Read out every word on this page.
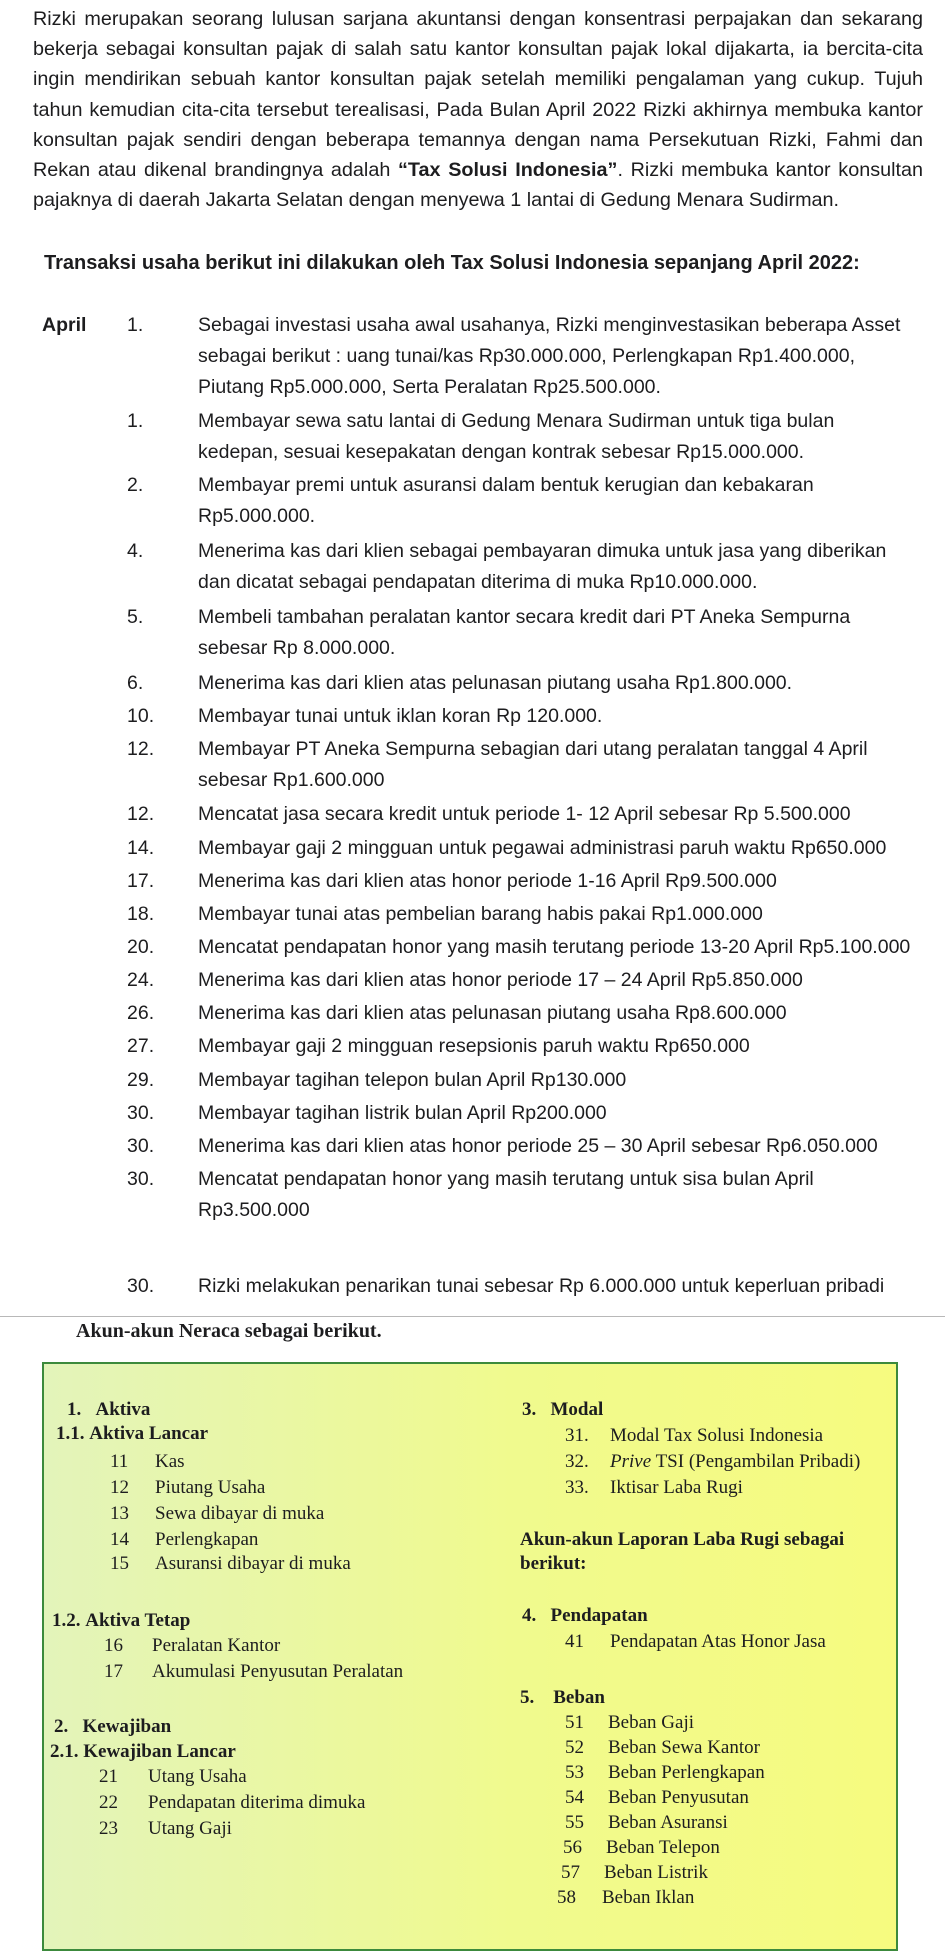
Rizki merupakan seorang lulusan sarjana akuntansi dengan konsentrasi perpajakan dan sekarang bekerja sebagai konsultan pajak di salah satu kantor konsultan pajak lokal dijakarta, ia bercita-cita ingin mendirikan sebuah kantor konsultan pajak setelah memiliki pengalaman yang cukup. Tujuh tahun kemudian cita-cita tersebut terealisasi, Pada Bulan April 2022 Rizki akhirnya membuka kantor konsultan pajak sendiri dengan beberapa temannya dengan nama Persekutuan Rizki, Fahmi dan Rekan atau dikenal brandingnya adalah “Tax Solusi Indonesia”. Rizki membuka kantor konsultan pajaknya di daerah Jakarta Selatan dengan menyewa 1 lantai di Gedung Menara Sudirman.

Transaksi usaha berikut ini dilakukan oleh Tax Solusi Indonesia sepanjang April 2022:
April 1.	Sebagai investasi usaha awal usahanya, Rizki menginvestasikan beberapa Asset sebagai berikut : uang tunai/kas Rp30.000.000, Perlengkapan Rp1.400.000, Piutang Rp5.000.000, Serta Peralatan Rp25.500.000.
1.	Membayar sewa satu lantai di Gedung Menara Sudirman untuk tiga bulan kedepan, sesuai kesepakatan dengan kontrak sebesar Rp15.000.000.
2.	Membayar premi untuk asuransi dalam bentuk kerugian dan kebakaran Rp5.000.000.
4.	Menerima kas dari klien sebagai pembayaran dimuka untuk jasa yang diberikan dan dicatat sebagai pendapatan diterima di muka Rp10.000.000.
5.	Membeli tambahan peralatan kantor secara kredit dari PT Aneka Sempurna sebesar Rp 8.000.000.
6.	Menerima kas dari klien atas pelunasan piutang usaha Rp1.800.000.
10.	Membayar tunai untuk iklan koran Rp 120.000.
12.	Membayar PT Aneka Sempurna sebagian dari utang peralatan tanggal 4 April sebesar Rp1.600.000
12.	Mencatat jasa secara kredit untuk periode 1- 12 April sebesar Rp 5.500.000
14.	Membayar gaji 2 mingguan untuk pegawai administrasi paruh waktu Rp650.000
17.	Menerima kas dari klien atas honor periode 1-16 April Rp9.500.000
18.	Membayar tunai atas pembelian barang habis pakai Rp1.000.000
20.	Mencatat pendapatan honor yang masih terutang periode 13-20 April Rp5.100.000
24.	Menerima kas dari klien atas honor periode 17 – 24 April Rp5.850.000
26.	Menerima kas dari klien atas pelunasan piutang usaha Rp8.600.000
27.	Membayar gaji 2 mingguan resepsionis paruh waktu Rp650.000
29.	Membayar tagihan telepon bulan April Rp130.000
30.	Membayar tagihan listrik bulan April Rp200.000
30.	Menerima kas dari klien atas honor periode 25 – 30 April sebesar Rp6.050.000
30.	Mencatat pendapatan honor yang masih terutang untuk sisa bulan April Rp3.500.000
30.	Rizki melakukan penarikan tunai sebesar Rp 6.000.000 untuk keperluan pribadi
Akun-akun Neraca sebagai berikut.
1. Aktiva
1.1. Aktiva Lancar
11 Kas
12 Piutang Usaha
13 Sewa dibayar di muka
14 Perlengkapan
15 Asuransi dibayar di muka
1.2. Aktiva Tetap
16 Peralatan Kantor
17 Akumulasi Penyusutan Peralatan
2. Kewajiban
2.1. Kewajiban Lancar
21 Utang Usaha
22 Pendapatan diterima dimuka
23 Utang Gaji
3. Modal
31. Modal Tax Solusi Indonesia
32. Prive TSI (Pengambilan Pribadi)
33. Iktisar Laba Rugi
Akun-akun Laporan Laba Rugi sebagai
berikut:
4. Pendapatan
41 Pendapatan Atas Honor Jasa
5. Beban
51 Beban Gaji
52 Beban Sewa Kantor
53 Beban Perlengkapan
54 Beban Penyusutan
55 Beban Asuransi
56 Beban Telepon
57 Beban Listrik
58 Beban Iklan
